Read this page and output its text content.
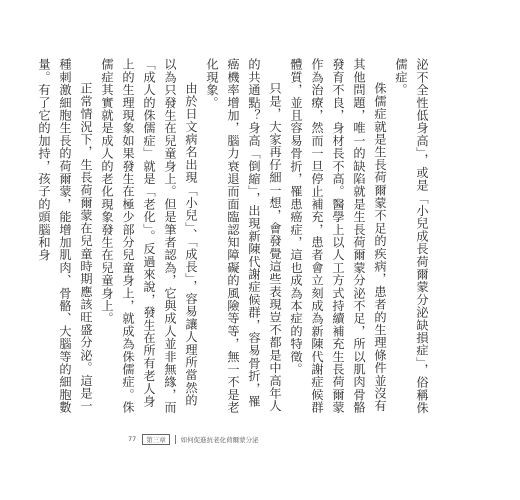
泌不全性低身高」，或是「小兒成長荷爾蒙分泌缺損症」，俗稱侏儒症。

侏儒症就是生長荷爾蒙不足的疾病，患者的生理條件並沒有其他問題，唯一的缺陷就是生長荷爾蒙分泌不足，所以肌肉骨骼發育不良，身材長不高。醫學上以人工方式持續補充生長荷爾蒙作為治療，然而一旦停止補充，患者會立刻成為新陳代謝症候群體質，並且容易骨折，罹患癌症，這也成為本症的特徵。

只是，大家再仔細一想，會發覺這些表現豈不都是中高年人的共通點？身高「倒縮」，出現新陳代謝症候群，容易骨折，罹癌機率增加，腦力衰退而面臨認知障礙的風險等等，無一不是老化現象。

由於日文病名出現「小兒」、「成長」，容易讓人理所當然的以為只發生在兒童身上。但是筆者認為，它與成人並非無緣，而「成人的侏儒症」就是「老化」。反過來說，發生在所有老人身上的生理現象如果發生在極少部分兒童身上，就成為侏儒症。侏儒症其實就是成人的老化現象發生在兒童身上。

正常情況下，生長荷爾蒙在兒童時期應該旺盛分泌。這是一種刺激細胞生長的荷爾蒙，能增加肌肉、骨骼、大腦等的細胞數量。有了它的加持，孩子的頭腦和身

77	第三章	如何促進抗老化荷爾蒙分泌
